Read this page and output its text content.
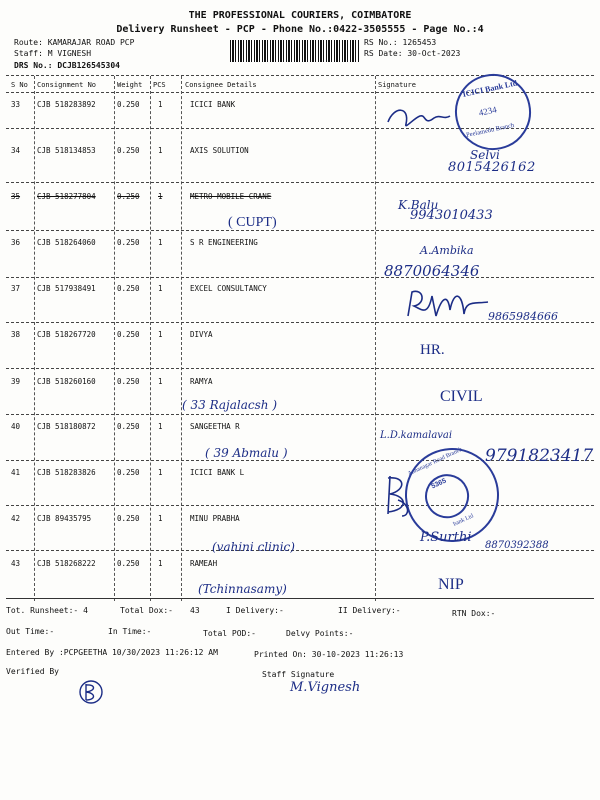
THE PROFESSIONAL COURIERS, COIMBATORE
Delivery Runsheet - PCP - Phone No.:0422-3505555 - Page No.:4
Route: KAMARAJAR ROAD PCP
Staff: M VIGNESH
DRS No.: DCJB126545304
RS No.: 1265453
RS Date: 30-Oct-2023
S No Consignment No	Weight PCS	Consignee Details	Signature
33 CJB 518283892	0.250 1	ICICI BANK
34 CJB 518134853	0.250 1	AXIS SOLUTION
35 CJB 518277804	0.250 1	METRO MOBILE CRANE
36 CJB 518264060	0.250 1	S R ENGINEERING
37 CJB 517938491	0.250 1	EXCEL CONSULTANCY
38 CJB 518267720	0.250 1	DIVYA
39 CJB 518260160	0.250 1	RAMYA
40 CJB 518180872	0.250 1	SANGEETHA R
41 CJB 518283826	0.250 1	ICICI BANK L
42 CJB 89435795	0.250 1	MINU PRABHA
43 CJB 518268222	0.250 1	RAMEAH
ICICI Bank Ltd
4234
Peelamedu Branch
Annanagar Road Branch
5365
bank Ltd
Selvi
8015426162
( CUPT)
K.Balu
9943010433
A.Ambika
8870064346
9865984666
HR.
( 33 Rajalacsh )	CIVIL
( 39 Abmalu )
L.D.kamalavai
9791823417
(vahini clinic)
P.Surthi
8870392388
(Tchinnasamy)	NIP
Tot. Runsheet:- 4	Total Dox:- 43	I Delivery:-	II Delivery:-	RTN Dox:-
Out Time:-	In Time:-	Total POD:-	Delvy Points:-
Entered By :PCPGEETHA 10/30/2023 11:26:12 AM	Printed On: 30-10-2023 11:26:13
Verified By	Staff Signature
M.Vignesh
